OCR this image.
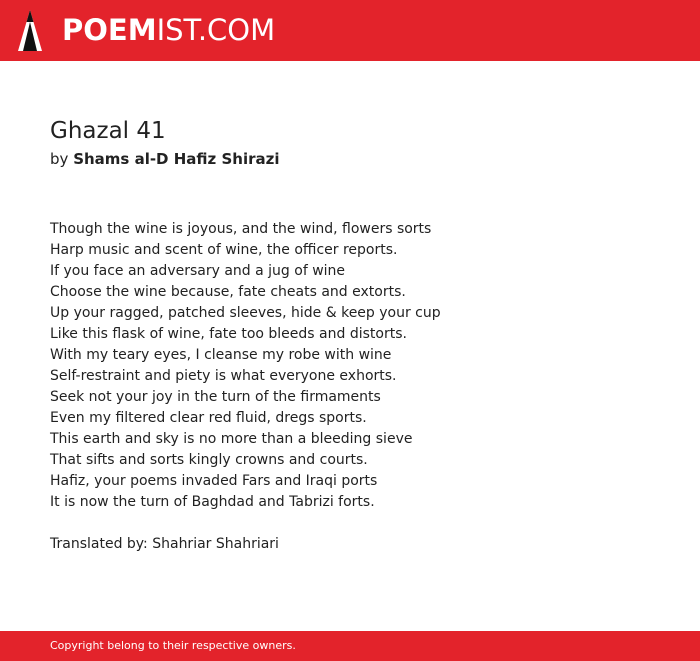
POEMIST.COM
Ghazal 41
by Shams al-D Hafiz Shirazi
Though the wine is joyous, and the wind, flowers sorts
Harp music and scent of wine, the officer reports.
If you face an adversary and a jug of wine
Choose the wine because, fate cheats and extorts.
Up your ragged, patched sleeves, hide & keep your cup
Like this flask of wine, fate too bleeds and distorts.
With my teary eyes, I cleanse my robe with wine
Self-restraint and piety is what everyone exhorts.
Seek not your joy in the turn of the firmaments
Even my filtered clear red fluid, dregs sports.
This earth and sky is no more than a bleeding sieve
That sifts and sorts kingly crowns and courts.
Hafiz, your poems invaded Fars and Iraqi ports
It is now the turn of Baghdad and Tabrizi forts.
Translated by: Shahriar Shahriari
Copyright belong to their respective owners.
